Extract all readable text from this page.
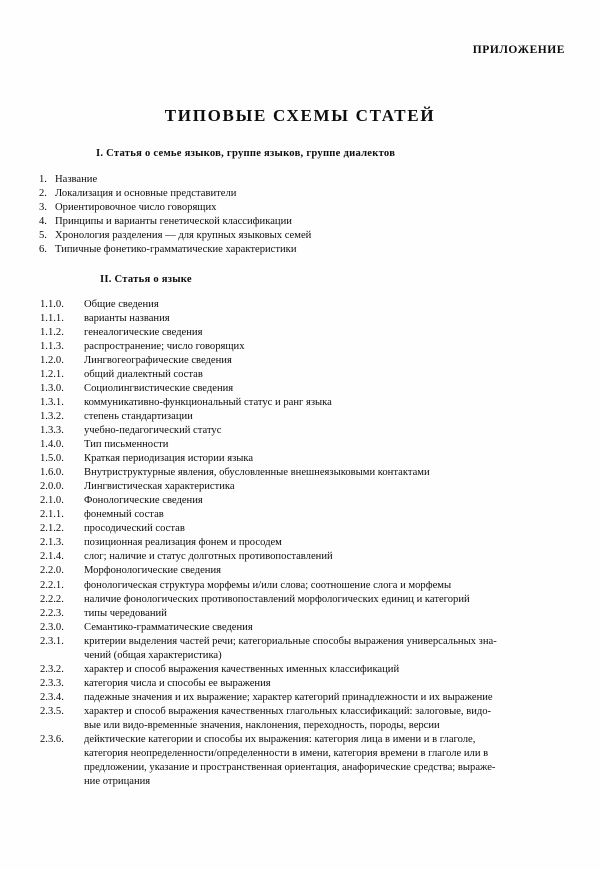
ПРИЛОЖЕНИЕ
ТИПОВЫЕ СХЕМЫ СТАТЕЙ
I. Статья о семье языков, группе языков, группе диалектов
1. Название
2. Локализация и основные представители
3. Ориентировочное число говорящих
4. Принципы и варианты генетической классификации
5. Хронология разделения — для крупных языковых семей
6. Типичные фонетико-грамматические характеристики
II. Статья о языке
1.1.0.	Общие сведения
1.1.1.	варианты названия
1.1.2.	генеалогические сведения
1.1.3.	распространение; число говорящих
1.2.0.	Лингвогеографические сведения
1.2.1.	общий диалектный состав
1.3.0.	Социолингвистические сведения
1.3.1.	коммуникативно-функциональный статус и ранг языка
1.3.2.	степень стандартизации
1.3.3.	учебно-педагогический статус
1.4.0.	Тип письменности
1.5.0.	Краткая периодизация истории языка
1.6.0.	Внутриструктурные явления, обусловленные внешнеязыковыми контактами
2.0.0.	Лингвистическая характеристика
2.1.0.	Фонологические сведения
2.1.1.	фонемный состав
2.1.2.	просодический состав
2.1.3.	позиционная реализация фонем и просодем
2.1.4.	слог; наличие и статус долготных противопоставлений
2.2.0.	Морфонологические сведения
2.2.1.	фонологическая структура морфемы и/или слова; соотношение слога и морфемы
2.2.2.	наличие фонологических противопоставлений морфологических единиц и категорий
2.2.3.	типы чередований
2.3.0.	Семантико-грамматические сведения
2.3.1.	критерии выделения частей речи; категориальные способы выражения универсальных зна-
чений (общая характеристика)
2.3.2.	характер и способ выражения качественных именных классификаций
2.3.3.	категория числа и способы ее выражения
2.3.4.	падежные значения и их выражение; характер категорий принадлежности и их выражение
2.3.5.	характер и способ выражения качественных глагольных классификаций: залоговые, видо-
вые или видо-временны́е значения, наклонения, переходность, породы, версии
2.3.6.	дейктические категории и способы их выражения: категория лица в имени и в глаголе,
категория неопределенности/определенности в имени, категория времени в глаголе или в
предложении, указание и пространственная ориентация, анафорические средства; выраже-
ние отрицания
